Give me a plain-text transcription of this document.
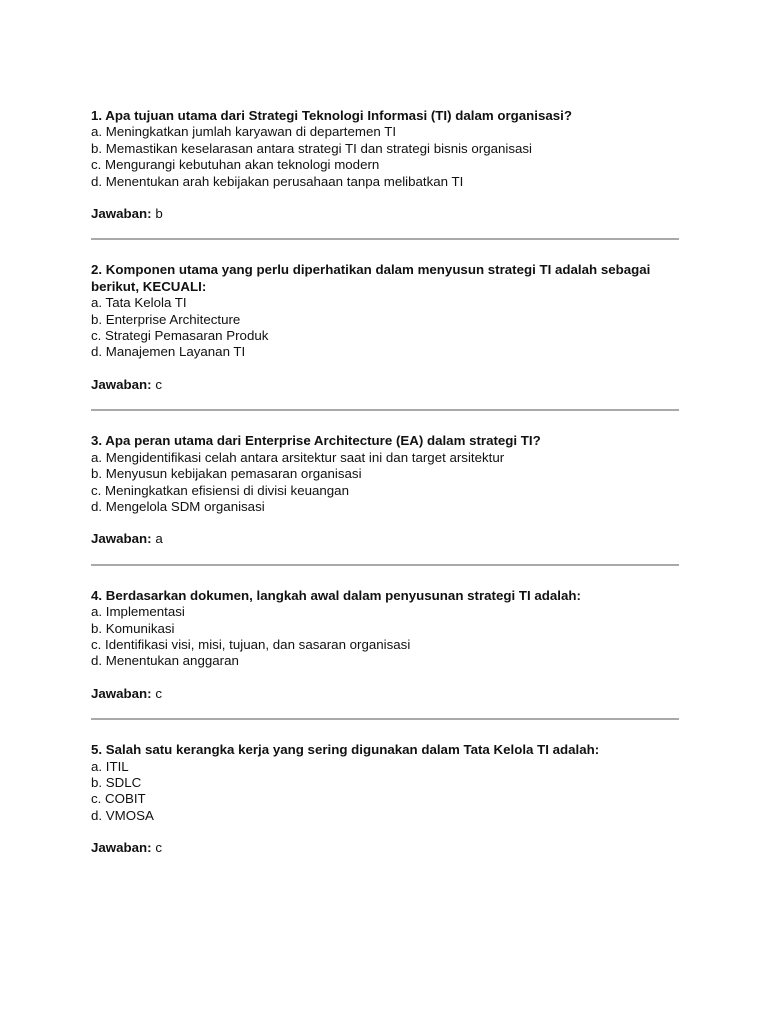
1. Apa tujuan utama dari Strategi Teknologi Informasi (TI) dalam organisasi?

a. Meningkatkan jumlah karyawan di departemen TI

b. Memastikan keselarasan antara strategi TI dan strategi bisnis organisasi

c. Mengurangi kebutuhan akan teknologi modern

d. Menentukan arah kebijakan perusahaan tanpa melibatkan TI

Jawaban: b

2. Komponen utama yang perlu diperhatikan dalam menyusun strategi TI adalah sebagai berikut, KECUALI:

a. Tata Kelola TI

b. Enterprise Architecture

c. Strategi Pemasaran Produk

d. Manajemen Layanan TI

Jawaban: c

3. Apa peran utama dari Enterprise Architecture (EA) dalam strategi TI?

a. Mengidentifikasi celah antara arsitektur saat ini dan target arsitektur

b. Menyusun kebijakan pemasaran organisasi

c. Meningkatkan efisiensi di divisi keuangan

d. Mengelola SDM organisasi

Jawaban: a

4. Berdasarkan dokumen, langkah awal dalam penyusunan strategi TI adalah:

a. Implementasi

b. Komunikasi

c. Identifikasi visi, misi, tujuan, dan sasaran organisasi

d. Menentukan anggaran

Jawaban: c

5. Salah satu kerangka kerja yang sering digunakan dalam Tata Kelola TI adalah:

a. ITIL

b. SDLC

c. COBIT

d. VMOSA

Jawaban: c
